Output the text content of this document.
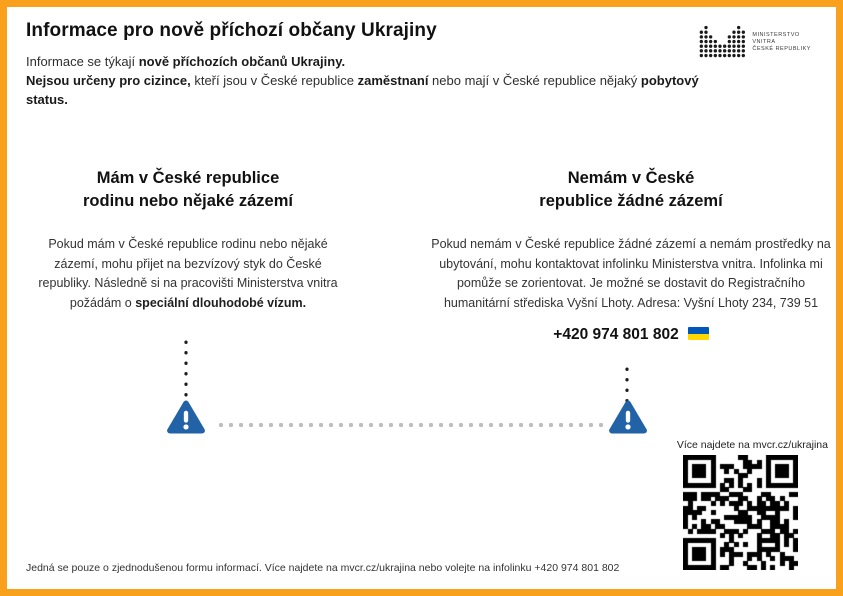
Informace pro nově příchozí občany Ukrajiny
Informace se týkají nově příchozích občanů Ukrajiny.
Nejsou určeny pro cizince, kteří jsou v České republice zaměstnaní nebo mají v České republice nějaký pobytový status.
MINISTERSTVO VNITRA
ČESKÉ REPUBLIKY
Mám v České republice
rodinu nebo nějaké zázemí
Pokud mám v České republice rodinu nebo nějaké zázemí, mohu přijet na bezvízový styk do České republiky. Následně si na pracovišti Ministerstva vnitra požádám o speciální dlouhodobé vízum.
Nemám v České
republice žádné zázemí
Pokud nemám v České republice žádné zázemí a nemám prostředky na ubytování, mohu kontaktovat infolinku Ministerstva vnitra. Infolinka mi pomůže se zorientovat. Je možné se dostavit do Registračního humanitární střediska Vyšní Lhoty. Adresa: Vyšní Lhoty 234, 739 51
+420 974 801 802
Více najdete na mvcr.cz/ukrajina
Jedná se pouze o zjednodušenou formu informací. Více najdete na mvcr.cz/ukrajina nebo volejte na infolinku +420 974 801 802
